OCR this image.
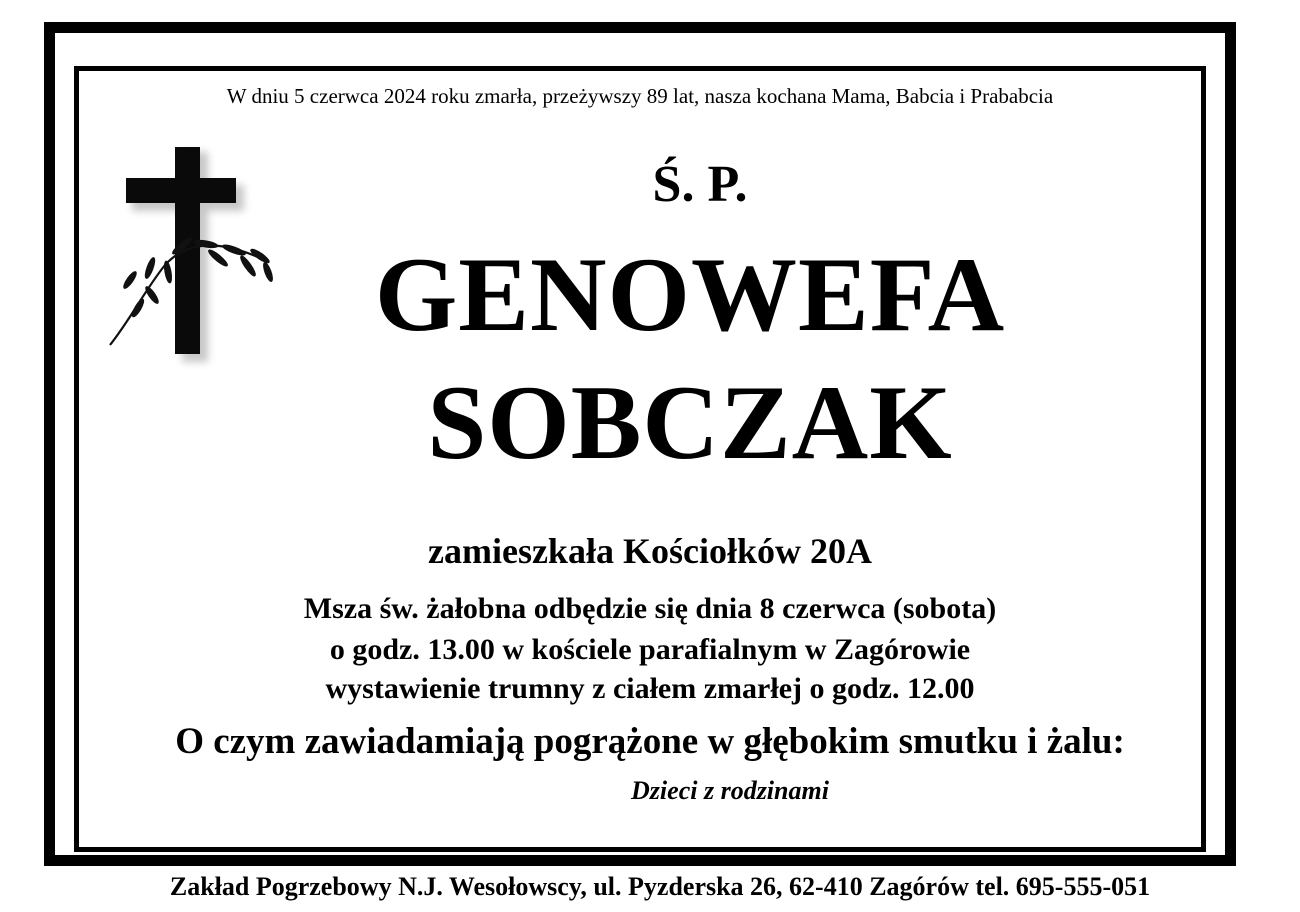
W dniu 5 czerwca 2024 roku zmarła, przeżywszy 89 lat, nasza kochana Mama, Babcia i Prababcia
Ś. P.
GENOWEFA
SOBCZAK
zamieszkała Kościołków 20A
Msza św. żałobna odbędzie się dnia 8 czerwca (sobota)
o godz. 13.00 w kościele parafialnym w Zagórowie
wystawienie trumny z ciałem zmarłej o godz. 12.00
O czym zawiadamiają pogrążone w głębokim smutku i żalu:
Dzieci z rodzinami
Zakład Pogrzebowy N.J. Wesołowscy, ul. Pyzderska 26, 62-410 Zagórów tel. 695-555-051
